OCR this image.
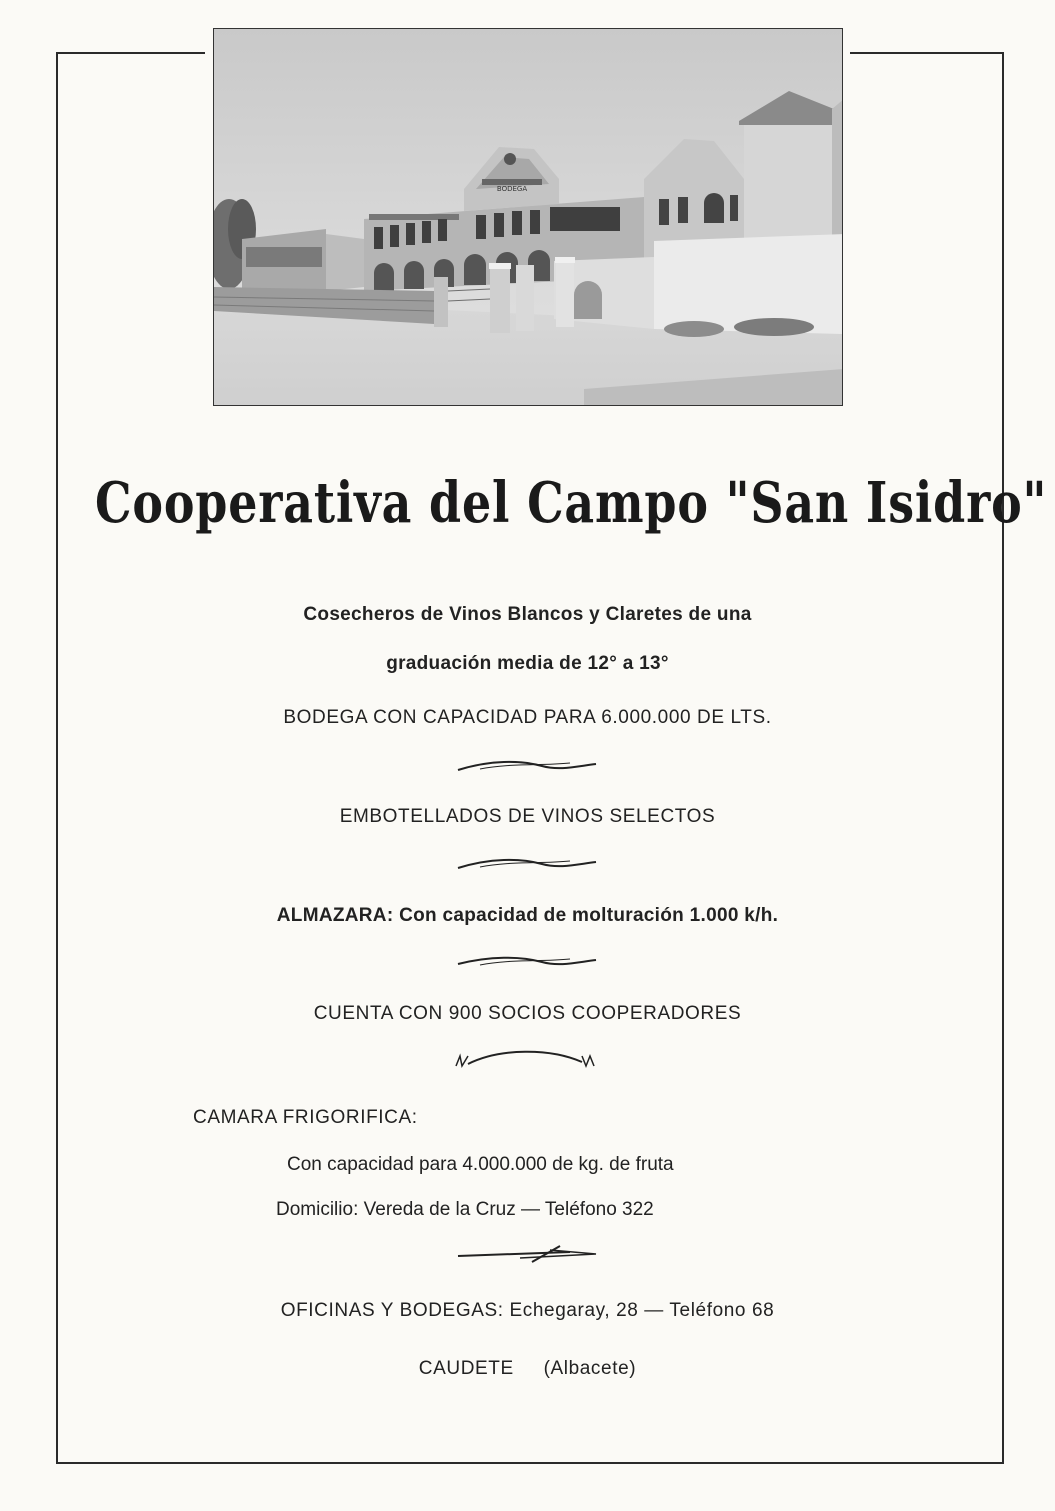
BODEGA
Cooperativa del Campo "San Isidro"
Cosecheros de Vinos Blancos y Claretes de una
graduación media de 12° a 13°
BODEGA CON CAPACIDAD PARA 6.000.000 DE LTS.
EMBOTELLADOS DE VINOS SELECTOS
ALMAZARA: Con capacidad de molturación 1.000 k/h.
CUENTA CON 900 SOCIOS COOPERADORES
CAMARA FRIGORIFICA:
Con capacidad para 4.000.000 de kg. de fruta
Domicilio: Vereda de la Cruz — Teléfono 322
OFICINAS Y BODEGAS: Echegaray, 28 — Teléfono 68
CAUDETE (Albacete)
